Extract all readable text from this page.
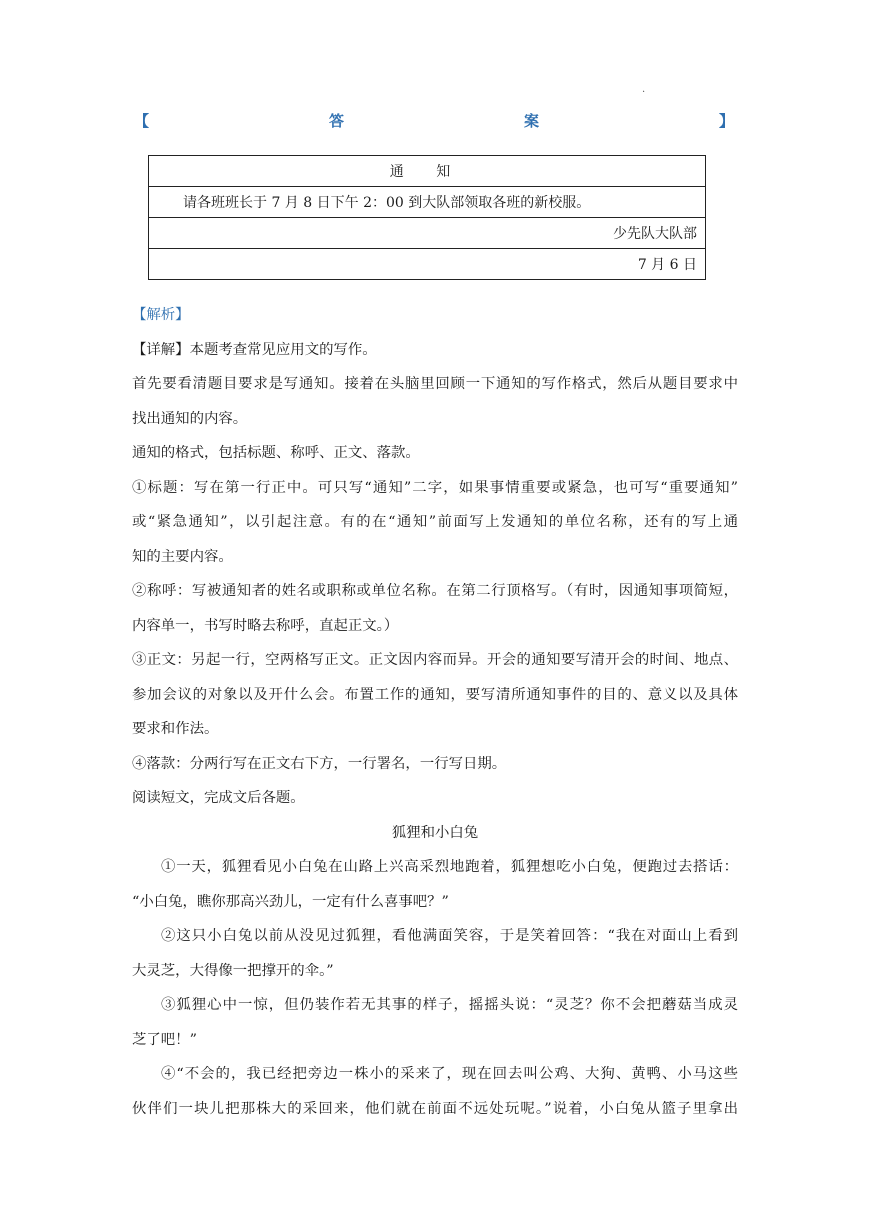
.
【	答	案	】
通 知
请各班班长于 7 月 8 日下午 2：00 到大队部领取各班的新校服。
少先队大队部
7 月 6 日
【解析】
【详解】本题考查常见应用文的写作。
首先要看清题目要求是写通知。接着在头脑里回顾一下通知的写作格式，然后从题目要求中
找出通知的内容。
通知的格式，包括标题、称呼、正文、落款。
①标题：写在第一行正中。可只写“通知”二字，如果事情重要或紧急，也可写“重要通知”
或“紧急通知”，以引起注意。有的在“通知”前面写上发通知的单位名称，还有的写上通
知的主要内容。
②称呼：写被通知者的姓名或职称或单位名称。在第二行顶格写。（有时，因通知事项简短，
内容单一，书写时略去称呼，直起正文。）
③正文：另起一行，空两格写正文。正文因内容而异。开会的通知要写清开会的时间、地点、
参加会议的对象以及开什么会。布置工作的通知，要写清所通知事件的目的、意义以及具体
要求和作法。
④落款：分两行写在正文右下方，一行署名，一行写日期。
阅读短文，完成文后各题。
狐狸和小白兔
①一天，狐狸看见小白兔在山路上兴高采烈地跑着，狐狸想吃小白兔，便跑过去搭话：
“小白兔，瞧你那高兴劲儿，一定有什么喜事吧？”
②这只小白兔以前从没见过狐狸，看他满面笑容，于是笑着回答：“我在对面山上看到
大灵芝，大得像一把撑开的伞。”
③狐狸心中一惊，但仍装作若无其事的样子，摇摇头说：“灵芝？你不会把蘑菇当成灵
芝了吧！”
④“不会的，我已经把旁边一株小的采来了，现在回去叫公鸡、大狗、黄鸭、小马这些
伙伴们一块儿把那株大的采回来，他们就在前面不远处玩呢。”说着，小白兔从篮子里拿出
